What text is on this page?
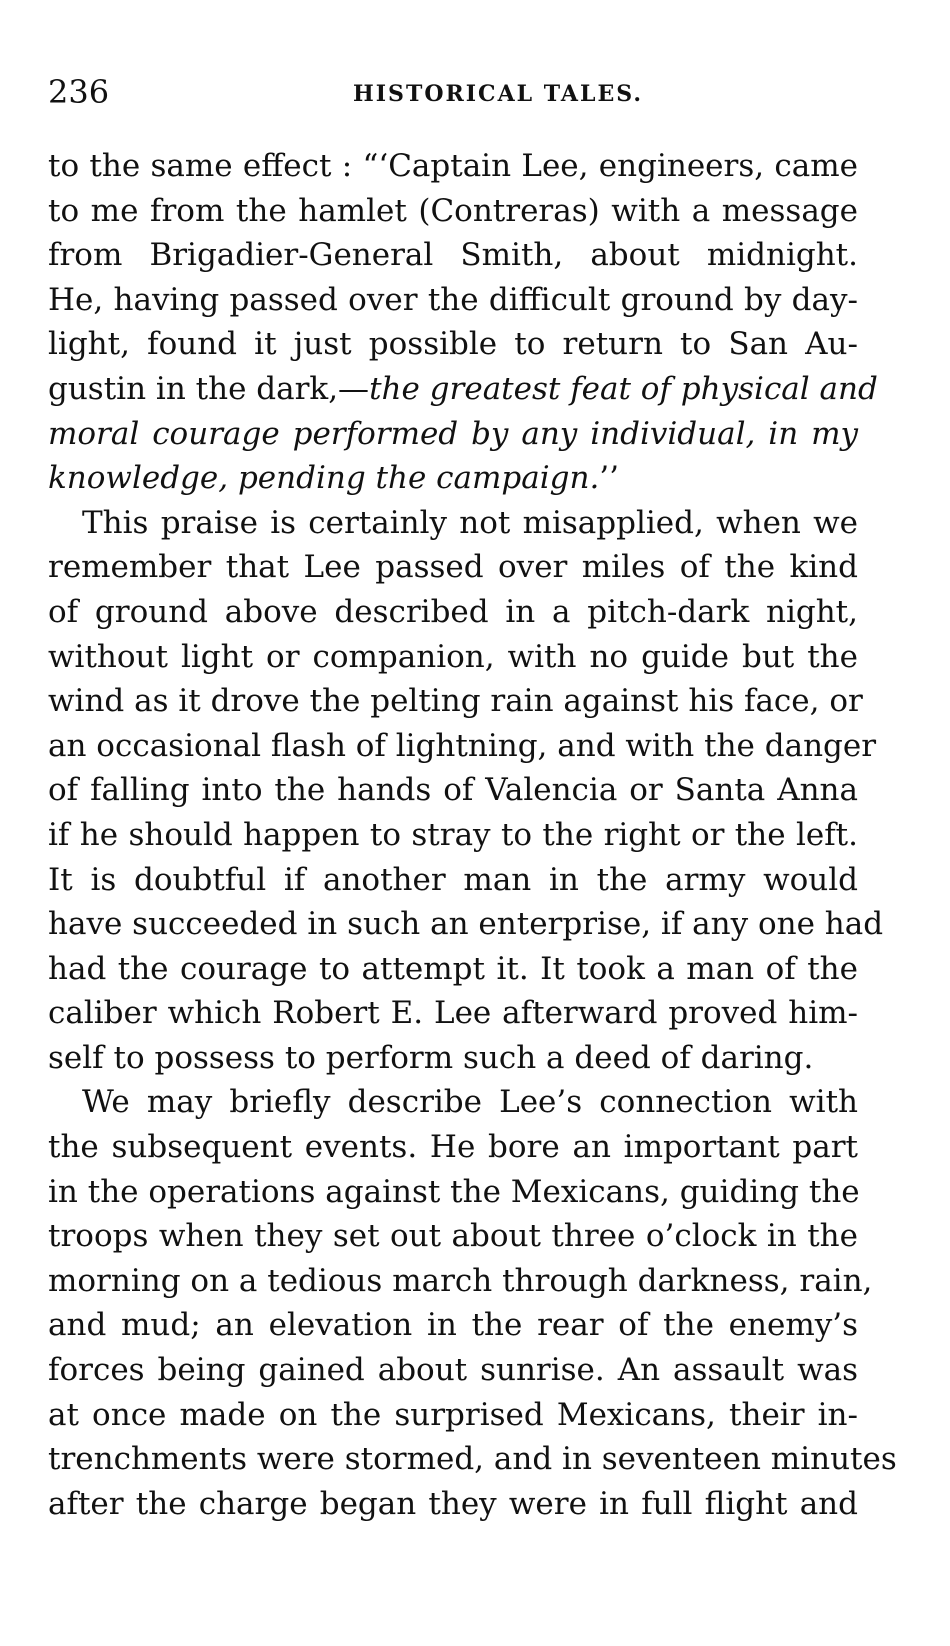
236	HISTORICAL TALES.
to the same effect : “‘Captain Lee, engineers, came
to me from the hamlet (Contreras) with a message
from Brigadier-General Smith, about midnight.
He, having passed over the difficult ground by day-
light, found it just possible to return to San Au-
gustin in the dark,—the greatest feat of physical and
moral courage performed by any individual, in my
knowledge, pending the campaign.’’
This praise is certainly not misapplied, when we
remember that Lee passed over miles of the kind
of ground above described in a pitch-dark night,
without light or companion, with no guide but the
wind as it drove the pelting rain against his face, or
an occasional flash of lightning, and with the danger
of falling into the hands of Valencia or Santa Anna
if he should happen to stray to the right or the left.
It is doubtful if another man in the army would
have succeeded in such an enterprise, if any one had
had the courage to attempt it. It took a man of the
caliber which Robert E. Lee afterward proved him-
self to possess to perform such a deed of daring.
We may briefly describe Lee’s connection with
the subsequent events. He bore an important part
in the operations against the Mexicans, guiding the
troops when they set out about three o’clock in the
morning on a tedious march through darkness, rain,
and mud; an elevation in the rear of the enemy’s
forces being gained about sunrise. An assault was
at once made on the surprised Mexicans, their in-
trenchments were stormed, and in seventeen minutes
after the charge began they were in full flight and
